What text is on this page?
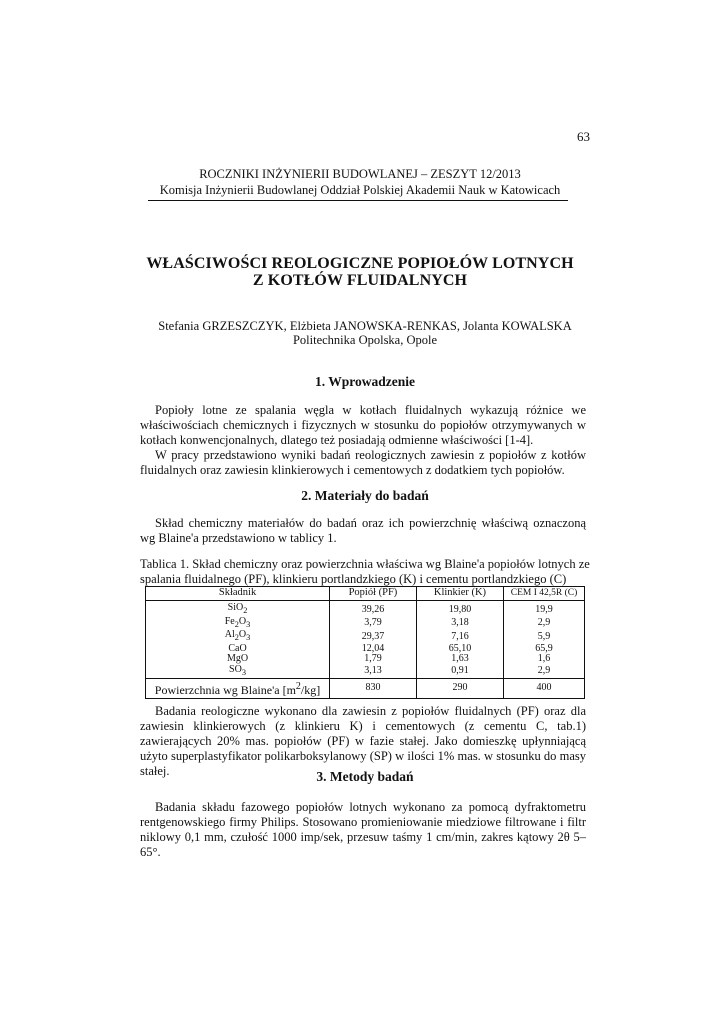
63
ROCZNIKI INŻYNIERII BUDOWLANEJ – ZESZYT 12/2013
Komisja Inżynierii Budowlanej Oddział Polskiej Akademii Nauk w Katowicach
WŁAŚCIWOŚCI REOLOGICZNE POPIOŁÓW LOTNYCH
Z KOTŁÓW FLUIDALNYCH
Stefania GRZESZCZYK, Elżbieta JANOWSKA-RENKAS, Jolanta KOWALSKA
Politechnika Opolska, Opole
1. Wprowadzenie

Popioły lotne ze spalania węgla w kotłach fluidalnych wykazują różnice we właściwościach chemicznych i fizycznych w stosunku do popiołów otrzymywanych w kotłach konwencjonalnych, dlatego też posiadają odmienne właściwości [1-4].

W pracy przedstawiono wyniki badań reologicznych zawiesin z popiołów z kotłów fluidalnych oraz zawiesin klinkierowych i cementowych z dodatkiem tych popiołów.

2. Materiały do badań

Skład chemiczny materiałów do badań oraz ich powierzchnię właściwą oznaczoną wg Blaine'a przedstawiono w tablicy 1.

Tablica 1. Skład chemiczny oraz powierzchnia właściwa wg Blaine'a popiołów lotnych ze spalania fluidalnego (PF), klinkieru portlandzkiego (K) i cementu portlandzkiego (C)

Składnik	Popiół (PF)	Klinkier (K)	CEM I 42,5R (C)
SiO$_2$	39,26	19,80	19,9
$Fe_2O_3$	3,79	3,18	2,9
$Al_2O_3$	29,37	7,16	5,9
CaO	12,04	65,10	65,9
MgO	1,79	1,63	1,6
$SO_3$	3,13	0,91	2,9
Powierzchnia wg Blaine'a $[m^2/kg]$	830	290	400

Badania reologiczne wykonano dla zawiesin z popiołów fluidalnych (PF) oraz dla zawiesin klinkierowych (z klinkieru K) i cementowych (z cementu C, tab.1) zawierających 20% mas. popiołów (PF) w fazie stałej. Jako domieszkę upłynniającą użyto superplastyfikator polikarboksylanowy (SP) w ilości 1% mas. w stosunku do masy stałej.	3. Metody badań

Badania składu fazowego popiołów lotnych wykonano za pomocą dyfraktometru rentgenowskiego firmy Philips. Stosowano promieniowanie miedziowe filtrowane i filtr niklowy 0,1 mm, czułość 1000 imp/sek, przesuw taśmy 1 cm/min, zakres kątowy 2θ 5–65°.
